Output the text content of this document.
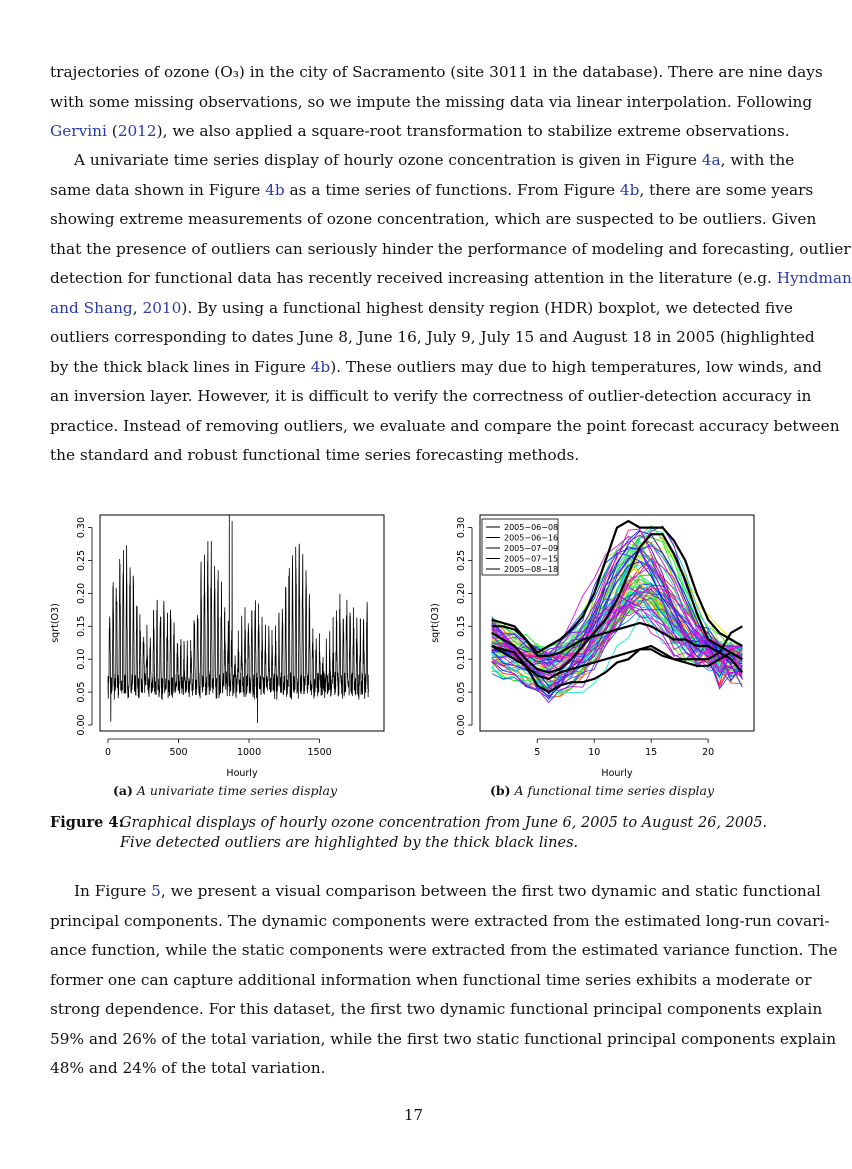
trajectories of ozone (O₃) in the city of Sacramento (site 3011 in the database). There are nine days
with some missing observations, so we impute the missing data via linear interpolation. Following
Gervini (2012), we also applied a square-root transformation to stabilize extreme observations.
A univariate time series display of hourly ozone concentration is given in Figure 4a, with the
same data shown in Figure 4b as a time series of functions. From Figure 4b, there are some years
showing extreme measurements of ozone concentration, which are suspected to be outliers. Given
that the presence of outliers can seriously hinder the performance of modeling and forecasting, outlier
detection for functional data has recently received increasing attention in the literature (e.g. Hyndman
and Shang, 2010). By using a functional highest density region (HDR) boxplot, we detected five
outliers corresponding to dates June 8, June 16, July 9, July 15 and August 18 in 2005 (highlighted
by the thick black lines in Figure 4b). These outliers may due to high temperatures, low winds, and
an inversion layer. However, it is difficult to verify the correctness of outlier-detection accuracy in
practice. Instead of removing outliers, we evaluate and compare the point forecast accuracy between
the standard and robust functional time series forecasting methods.
0.00
0.05
0.10
0.15
0.20
0.25
0.30
0	500	1000	1500
Hourly
sqrt(O3)
0.00
0.05
0.10
0.15
0.20
0.25
0.30
5	10	15	20
Hourly
sqrt(O3)
2005−06−08
2005−06−16
2005−07−09
2005−07−15
2005−08−18
(a) A univariate time series display	(b) A functional time series display
Figure 4:
Graphical displays of hourly ozone concentration from June 6, 2005 to August 26, 2005. Five detected outliers are highlighted by the thick black lines.
In Figure 5, we present a visual comparison between the first two dynamic and static functional
principal components. The dynamic components were extracted from the estimated long-run covari-
ance function, while the static components were extracted from the estimated variance function. The
former one can capture additional information when functional time series exhibits a moderate or
strong dependence. For this dataset, the first two dynamic functional principal components explain
59% and 26% of the total variation, while the first two static functional principal components explain
48% and 24% of the total variation.
17
